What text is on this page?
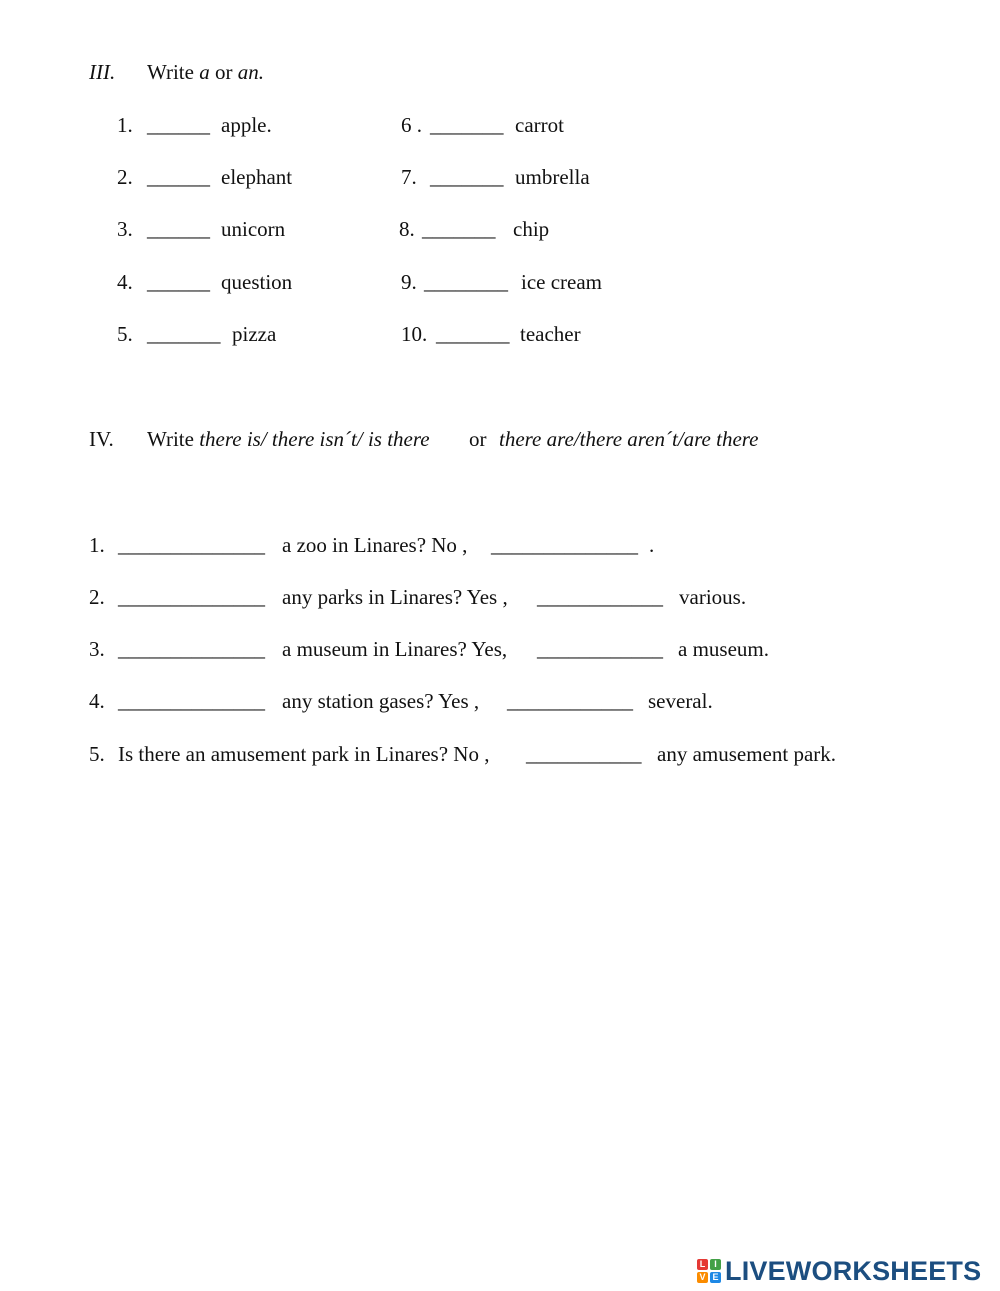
III. Write a or an.
1. ______ apple.
2. ______ elephant
3. ______ unicorn
4. ______ question
5. _______ pizza
6 . _______ carrot
7. _______ umbrella
8. _______ chip
9. ________ ice cream
10. _______ teacher
IV. Write there is/ there isn´t/ is there or there are/there aren´t/are there
1. ______________ a zoo in Linares? No , ______________ .
2. ______________ any parks in Linares? Yes , ____________ various.
3. ______________ a museum in Linares? Yes, ____________ a museum.
4. ______________ any station gases? Yes , ____________ several.
5. Is there an amusement park in Linares? No , ___________ any amusement park.
L I
V E LIVEWORKSHEETS
